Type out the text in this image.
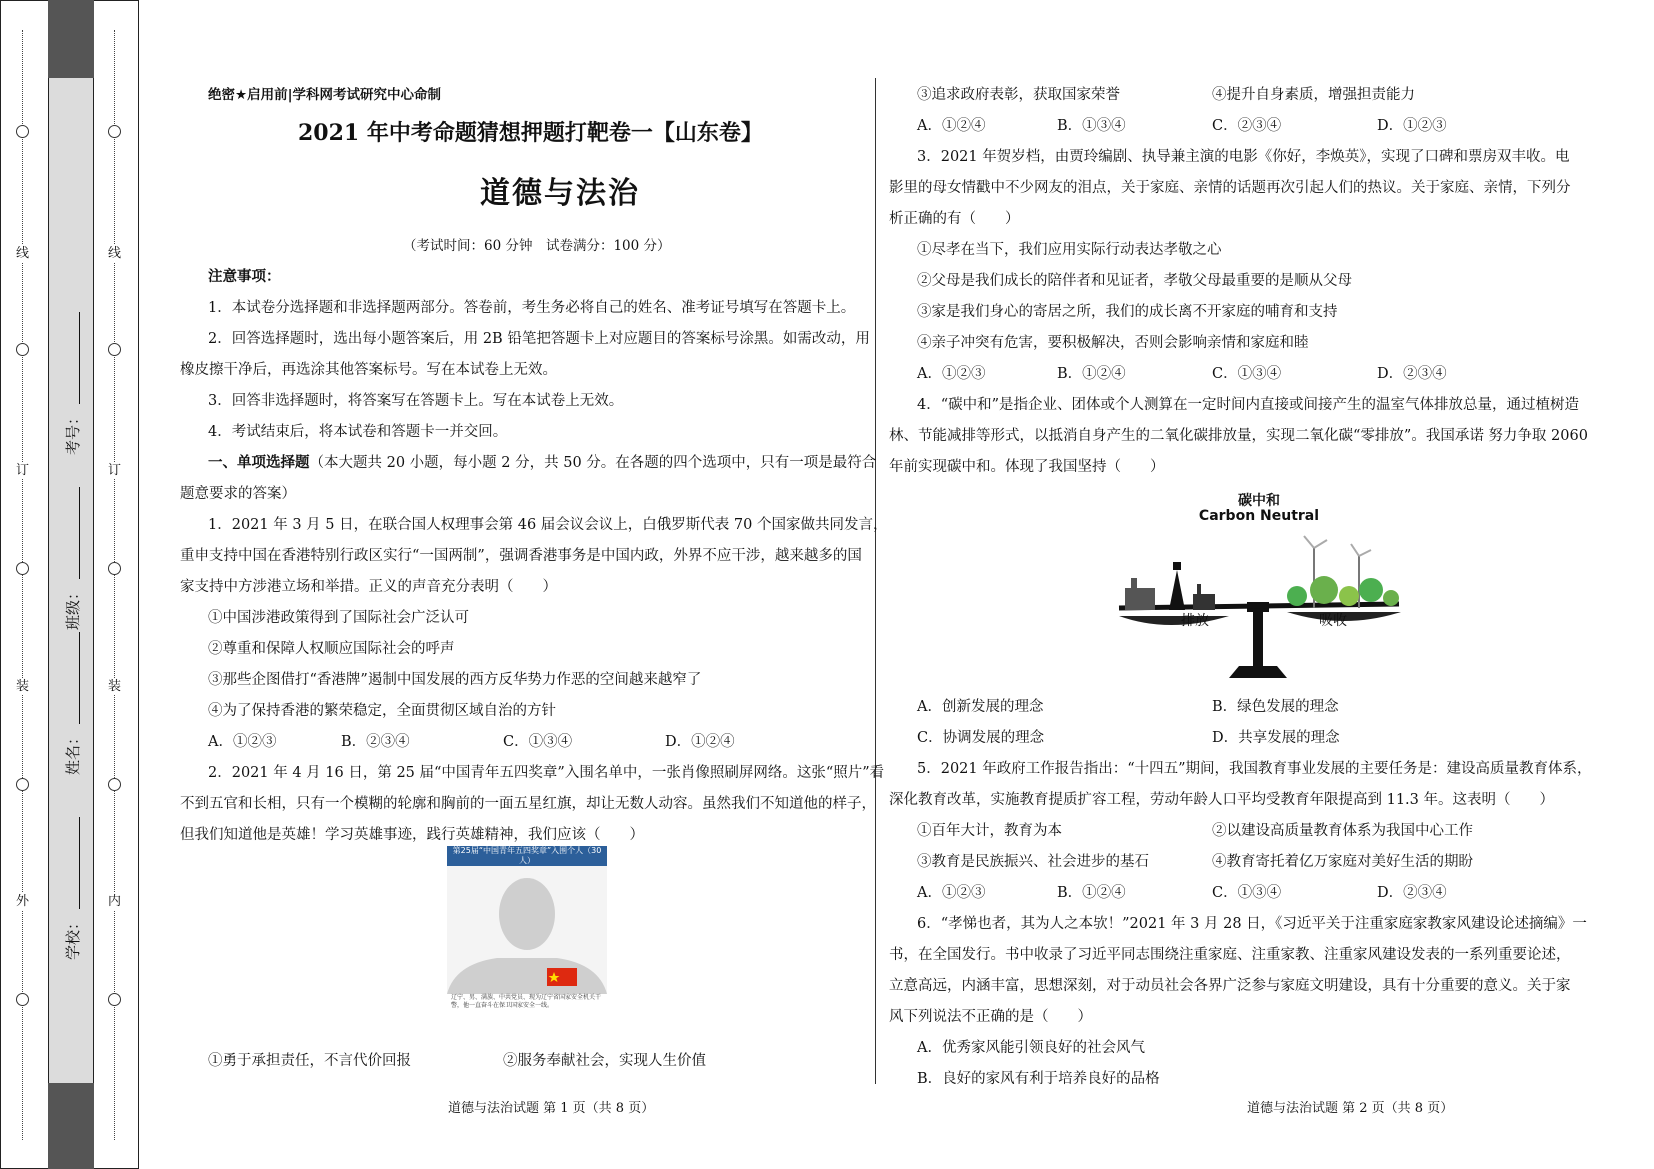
线
订
装
外
线
订
装
内
学校：
姓名：
班级：
考号：
绝密★启用前|学科网考试研究中心命制
2021 年中考命题猜想押题打靶卷一【山东卷】
道德与法治
（考试时间：60 分钟　试卷满分：100 分）
注意事项：
1．本试卷分选择题和非选择题两部分。答卷前，考生务必将自己的姓名、准考证号填写在答题卡上。
2．回答选择题时，选出每小题答案后，用 2B 铅笔把答题卡上对应题目的答案标号涂黑。如需改动，用
橡皮擦干净后，再选涂其他答案标号。写在本试卷上无效。
3．回答非选择题时，将答案写在答题卡上。写在本试卷上无效。
4．考试结束后，将本试卷和答题卡一并交回。
一、单项选择题（本大题共 20 小题，每小题 2 分，共 50 分。在各题的四个选项中，只有一项是最符合
题意要求的答案）
1．2021 年 3 月 5 日，在联合国人权理事会第 46 届会议会议上，白俄罗斯代表 70 个国家做共同发言，
重申支持中国在香港特别行政区实行“一国两制”，强调香港事务是中国内政，外界不应干涉，越来越多的国
家支持中方涉港立场和举措。正义的声音充分表明（　　）
①中国涉港政策得到了国际社会广泛认可
②尊重和保障人权顺应国际社会的呼声
③那些企图借打“香港牌”遏制中国发展的西方反华势力作恶的空间越来越窄了
④为了保持香港的繁荣稳定，全面贯彻区域自治的方针
A．①②③	B．②③④	C．①③④	D．①②④
2．2021 年 4 月 16 日，第 25 届“中国青年五四奖章”入围名单中，一张肖像照刷屏网络。这张“照片”看
不到五官和长相，只有一个模糊的轮廓和胸前的一面五星红旗，却让无数人动容。虽然我们不知道他的样子，
但我们知道他是英雄！学习英雄事迹，践行英雄精神，我们应该（　　）
第25届“中国青年五四奖章”入围个人（30人）
辽宁、男、满族、中共党员、现为辽宁省国家安全机关干警，他一直奋斗在保卫国家安全一线。
①勇于承担责任，不言代价回报	②服务奉献社会，实现人生价值
道德与法治试题 第 1 页（共 8 页）
③追求政府表彰，获取国家荣誉	④提升自身素质，增强担责能力
A．①②④	B．①③④	C．②③④	D．①②③
3．2021 年贺岁档，由贾玲编剧、执导兼主演的电影《你好，李焕英》，实现了口碑和票房双丰收。电
影里的母女情戳中不少网友的泪点，关于家庭、亲情的话题再次引起人们的热议。关于家庭、亲情，下列分
析正确的有（　　）
①尽孝在当下，我们应用实际行动表达孝敬之心
②父母是我们成长的陪伴者和见证者，孝敬父母最重要的是顺从父母
③家是我们身心的寄居之所，我们的成长离不开家庭的哺育和支持
④亲子冲突有危害，要积极解决，否则会影响亲情和家庭和睦
A．①②③	B．①②④	C．①③④	D．②③④
4．“碳中和”是指企业、团体或个人测算在一定时间内直接或间接产生的温室气体排放总量，通过植树造
林、节能减排等形式，以抵消自身产生的二氧化碳排放量，实现二氧化碳“零排放”。我国承诺 努力争取 2060
年前实现碳中和。体现了我国坚持（　　）
碳中和
Carbon Neutral
排放	吸收
A．创新发展的理念	B．绿色发展的理念
C．协调发展的理念	D．共享发展的理念
5．2021 年政府工作报告指出：“十四五”期间，我国教育事业发展的主要任务是：建设高质量教育体系，
深化教育改革，实施教育提质扩容工程，劳动年龄人口平均受教育年限提高到 11.3 年。这表明（　　）
①百年大计，教育为本	②以建设高质量教育体系为我国中心工作
③教育是民族振兴、社会进步的基石	④教育寄托着亿万家庭对美好生活的期盼
A．①②③	B．①②④	C．①③④	D．②③④
6．“孝悌也者，其为人之本欤！”2021 年 3 月 28 日，《习近平关于注重家庭家教家风建设论述摘编》一
书，在全国发行。书中收录了习近平同志围绕注重家庭、注重家教、注重家风建设发表的一系列重要论述，
立意高远，内涵丰富，思想深刻，对于动员社会各界广泛参与家庭文明建设，具有十分重要的意义。关于家
风下列说法不正确的是（　　）
A．优秀家风能引领良好的社会风气
B．良好的家风有利于培养良好的品格
道德与法治试题 第 2 页（共 8 页）
